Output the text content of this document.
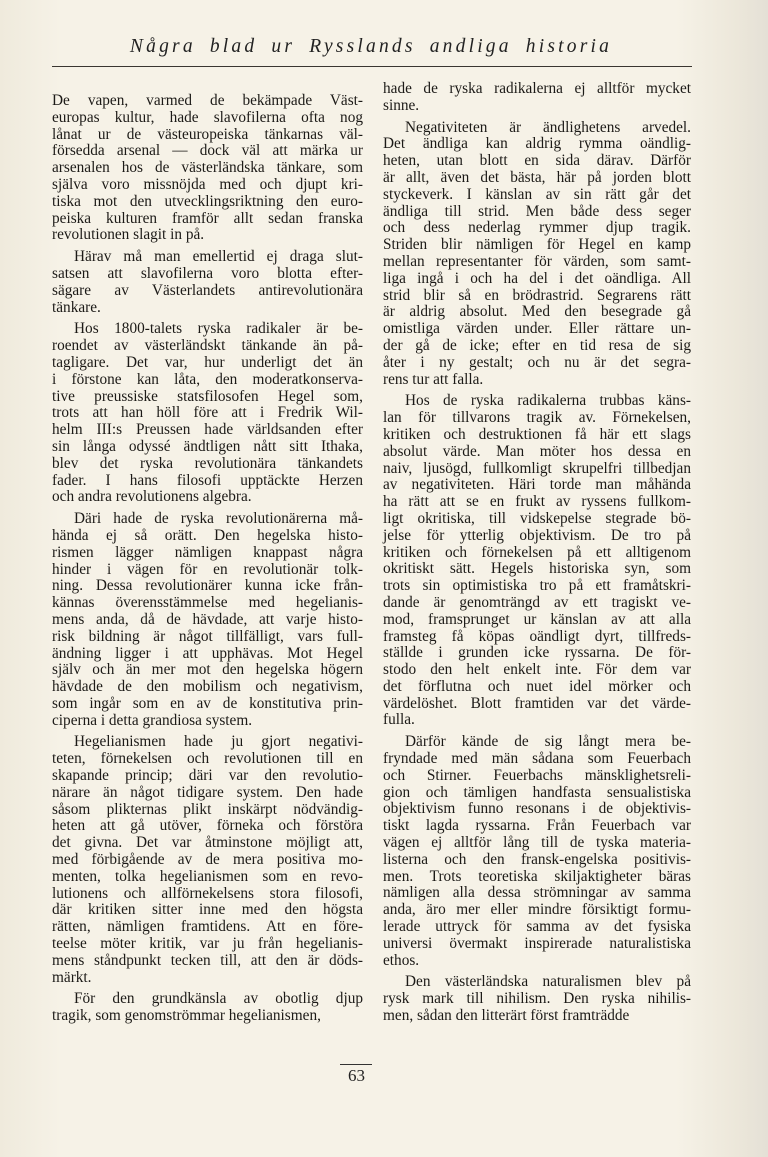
Några blad ur Rysslands andliga historia
De vapen, varmed de bekämpade Väst-
europas kultur, hade slavofilerna ofta nog
lånat ur de västeuropeiska tänkarnas väl-
försedda arsenal — dock väl att märka ur
arsenalen hos de västerländska tänkare, som
själva voro missnöjda med och djupt kri-
tiska mot den utvecklingsriktning den euro-
peiska kulturen framför allt sedan franska
revolutionen slagit in på.
Härav må man emellertid ej draga slut-
satsen att slavofilerna voro blotta efter-
sägare av Västerlandets antirevolutionära
tänkare.
Hos 1800-talets ryska radikaler är be-
roendet av västerländskt tänkande än på-
tagligare. Det var, hur underligt det än
i förstone kan låta, den moderatkonserva-
tive preussiske statsfilosofen Hegel som,
trots att han höll före att i Fredrik Wil-
helm III:s Preussen hade världsanden efter
sin långa odyssé ändtligen nått sitt Ithaka,
blev det ryska revolutionära tänkandets
fader. I hans filosofi upptäckte Herzen
och andra revolutionens algebra.
Däri hade de ryska revolutionärerna må-
hända ej så orätt. Den hegelska histo-
rismen lägger nämligen knappast några
hinder i vägen för en revolutionär tolk-
ning. Dessa revolutionärer kunna icke från-
kännas överensstämmelse med hegelianis-
mens anda, då de hävdade, att varje histo-
risk bildning är något tillfälligt, vars full-
ändning ligger i att upphävas. Mot Hegel
själv och än mer mot den hegelska högern
hävdade de den mobilism och negativism,
som ingår som en av de konstitutiva prin-
ciperna i detta grandiosa system.
Hegelianismen hade ju gjort negativi-
teten, förnekelsen och revolutionen till en
skapande princip; däri var den revolutio-
närare än något tidigare system. Den hade
såsom plikternas plikt inskärpt nödvändig-
heten att gå utöver, förneka och förstöra
det givna. Det var åtminstone möjligt att,
med förbigående av de mera positiva mo-
menten, tolka hegelianismen som en revo-
lutionens och allförnekelsens stora filosofi,
där kritiken sitter inne med den högsta
rätten, nämligen framtidens. Att en före-
teelse möter kritik, var ju från hegelianis-
mens ståndpunkt tecken till, att den är döds-
märkt.
För den grundkänsla av obotlig djup
tragik, som genomströmmar hegelianismen,
hade de ryska radikalerna ej alltför mycket
sinne.
Negativiteten är ändlighetens arvedel.
Det ändliga kan aldrig rymma oändlig-
heten, utan blott en sida därav. Därför
är allt, även det bästa, här på jorden blott
styckeverk. I känslan av sin rätt går det
ändliga till strid. Men både dess seger
och dess nederlag rymmer djup tragik.
Striden blir nämligen för Hegel en kamp
mellan representanter för värden, som samt-
liga ingå i och ha del i det oändliga. All
strid blir så en brödrastrid. Segrarens rätt
är aldrig absolut. Med den besegrade gå
omistliga värden under. Eller rättare un-
der gå de icke; efter en tid resa de sig
åter i ny gestalt; och nu är det segra-
rens tur att falla.
Hos de ryska radikalerna trubbas käns-
lan för tillvarons tragik av. Förnekelsen,
kritiken och destruktionen få här ett slags
absolut värde. Man möter hos dessa en
naiv, ljusögd, fullkomligt skrupelfri tillbedjan
av negativiteten. Häri torde man måhända
ha rätt att se en frukt av ryssens fullkom-
ligt okritiska, till vidskepelse stegrade bö-
jelse för ytterlig objektivism. De tro på
kritiken och förnekelsen på ett alltigenom
okritiskt sätt. Hegels historiska syn, som
trots sin optimistiska tro på ett framåtskri-
dande är genomträngd av ett tragiskt ve-
mod, framsprunget ur känslan av att alla
framsteg få köpas oändligt dyrt, tillfreds-
ställde i grunden icke ryssarna. De för-
stodo den helt enkelt inte. För dem var
det förflutna och nuet idel mörker och
värdelöshet. Blott framtiden var det värde-
fulla.
Därför kände de sig långt mera be-
fryndade med män sådana som Feuerbach
och Stirner. Feuerbachs mänsklighetsreli-
gion och tämligen handfasta sensualistiska
objektivism funno resonans i de objektivis-
tiskt lagda ryssarna. Från Feuerbach var
vägen ej alltför lång till de tyska materia-
listerna och den fransk-engelska positivis-
men. Trots teoretiska skiljaktigheter bäras
nämligen alla dessa strömningar av samma
anda, äro mer eller mindre försiktigt formu-
lerade uttryck för samma av det fysiska
universi övermakt inspirerade naturalistiska
ethos.
Den västerländska naturalismen blev på
rysk mark till nihilism. Den ryska nihilis-
men, sådan den litterärt först framträdde
63
